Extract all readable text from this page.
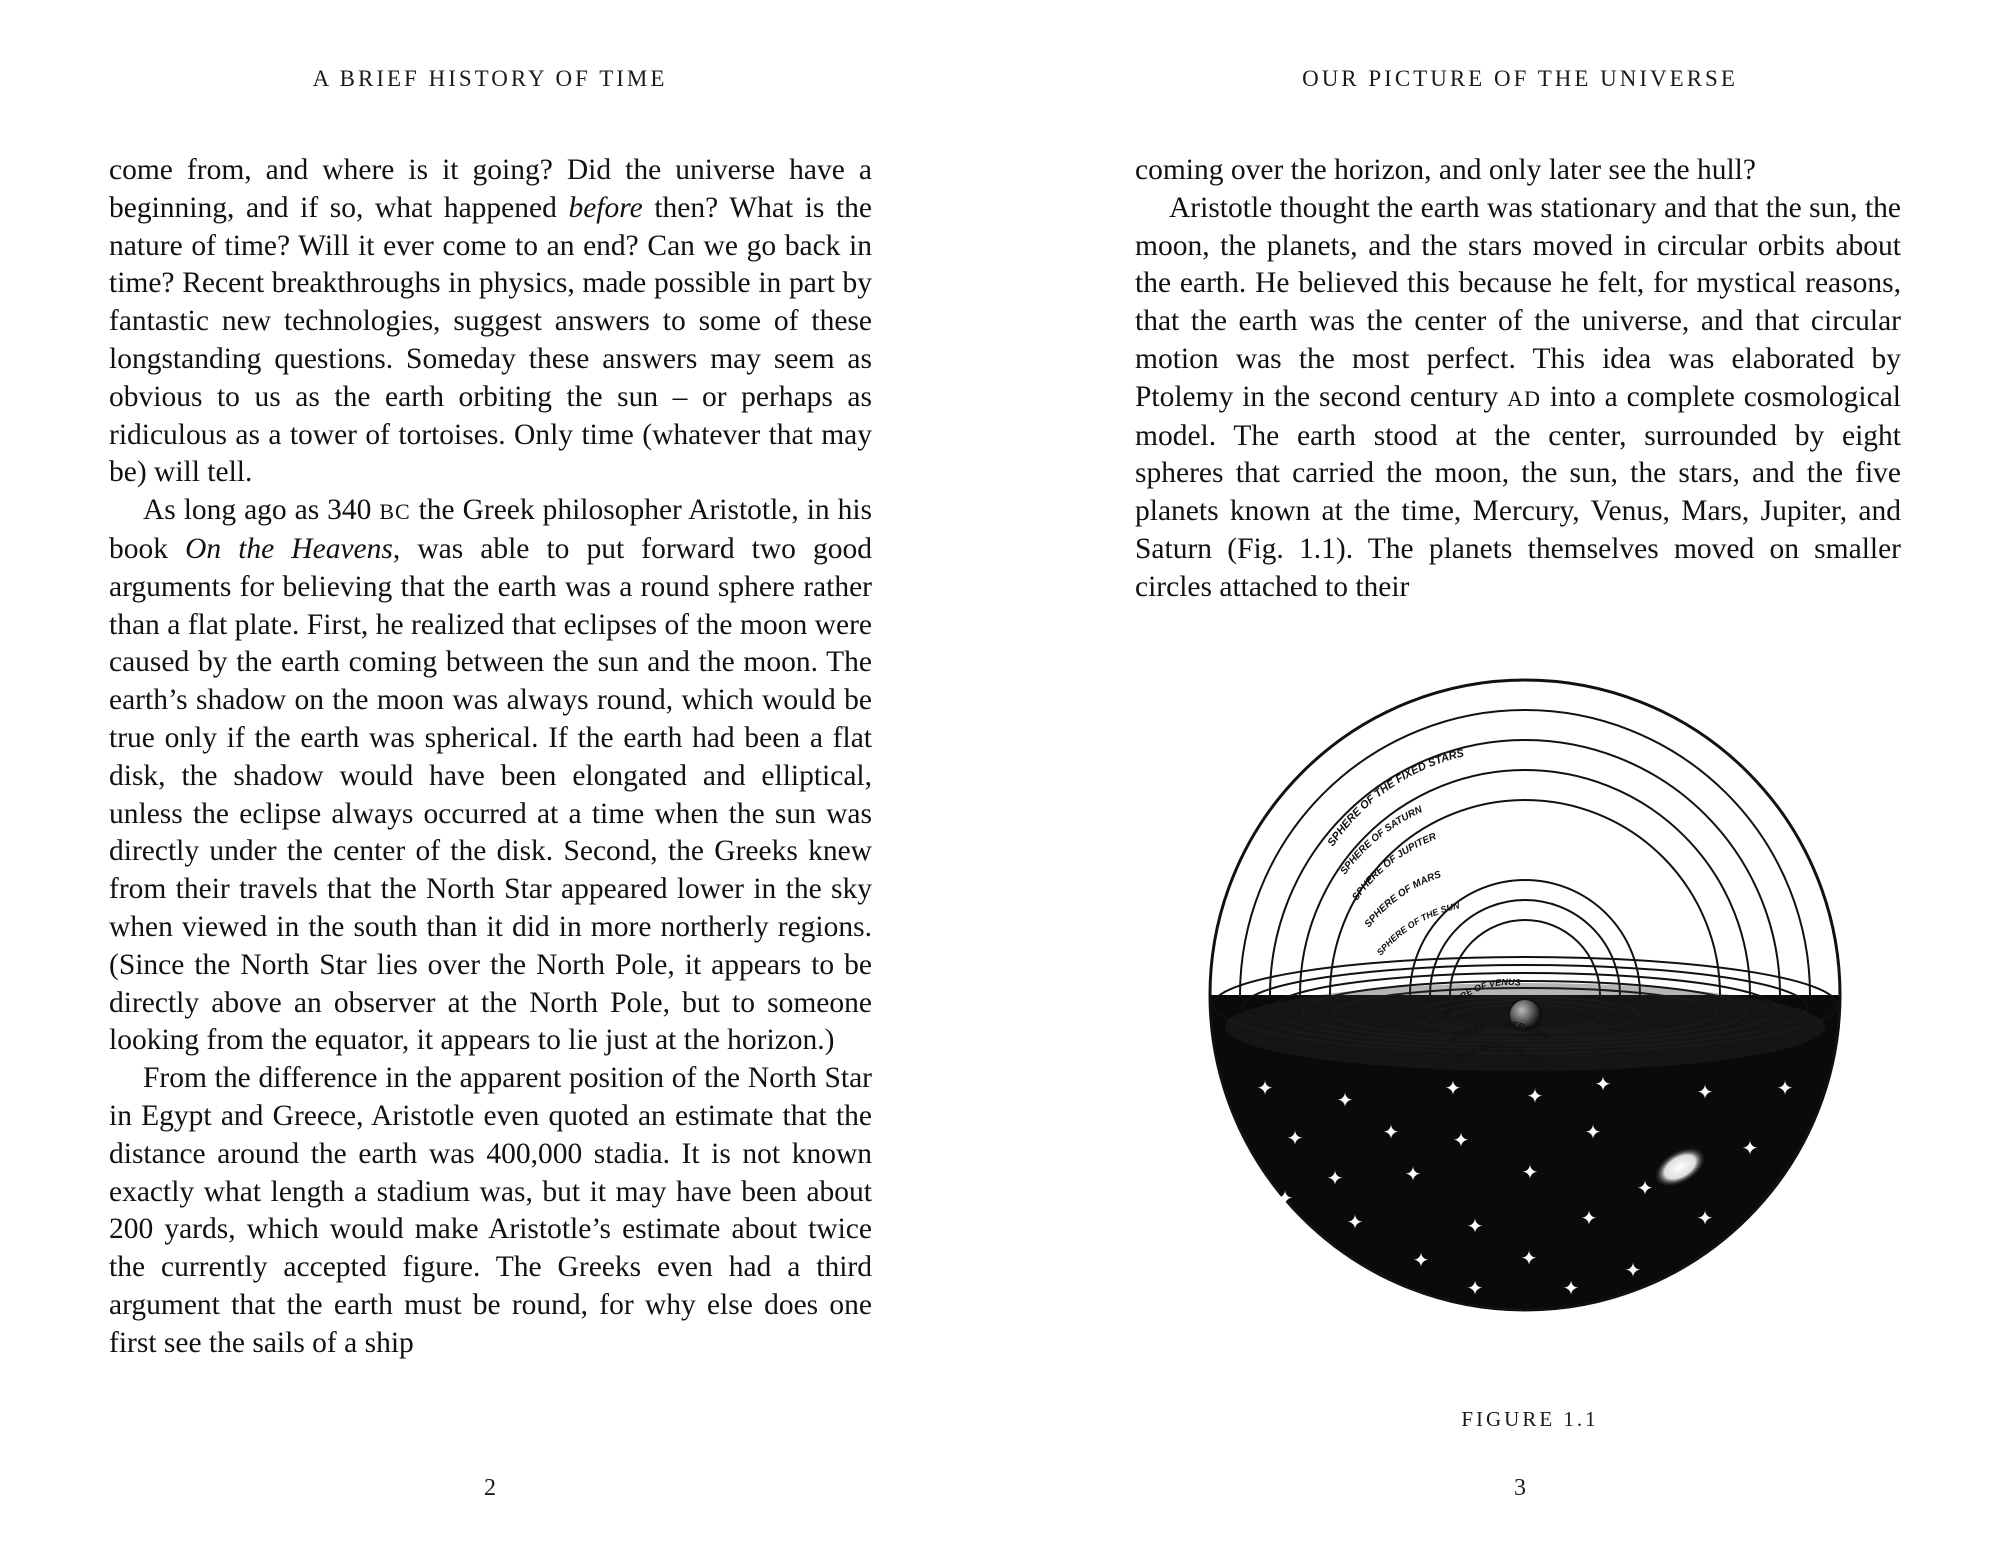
A BRIEF HISTORY OF TIME	OUR PICTURE OF THE UNIVERSE

come from, and where is it going? Did the universe have a beginning, and if so, what happened before then? What is the nature of time? Will it ever come to an end? Can we go back in time? Recent breakthroughs in physics, made possible in part by fantastic new technologies, suggest answers to some of these longstanding questions. Someday these answers may seem as obvious to us as the earth orbiting the sun – or perhaps as ridiculous as a tower of tortoises. Only time (whatever that may be) will tell.

As long ago as 340 BC the Greek philosopher Aristotle, in his book On the Heavens, was able to put forward two good arguments for believing that the earth was a round sphere rather than a flat plate. First, he realized that eclipses of the moon were caused by the earth coming between the sun and the moon. The earth’s shadow on the moon was always round, which would be true only if the earth was spherical. If the earth had been a flat disk, the shadow would have been elongated and elliptical, unless the eclipse always occurred at a time when the sun was directly under the center of the disk. Second, the Greeks knew from their travels that the North Star appeared lower in the sky when viewed in the south than it did in more northerly regions. (Since the North Star lies over the North Pole, it appears to be directly above an observer at the North Pole, but to someone looking from the equator, it appears to lie just at the horizon.)

From the difference in the apparent position of the North Star in Egypt and Greece, Aristotle even quoted an estimate that the distance around the earth was 400,000 stadia. It is not known exactly what length a stadium was, but it may have been about 200 yards, which would make Aristotle’s estimate about twice the currently accepted figure. The Greeks even had a third argument that the earth must be round, for why else does one first see the sails of a ship

coming over the horizon, and only later see the hull?

Aristotle thought the earth was stationary and that the sun, the moon, the planets, and the stars moved in circular orbits about the earth. He believed this because he felt, for mystical reasons, that the earth was the center of the universe, and that circular motion was the most perfect. This idea was elaborated by Ptolemy in the second century AD into a complete cosmological model. The earth stood at the center, surrounded by eight spheres that carried the moon, the sun, the stars, and the five planets known at the time, Mercury, Venus, Mars, Jupiter, and Saturn (Fig. 1.1). The planets themselves moved on smaller circles attached to their

✦	✦	✦	✦	✦	✦	✦
✦	✦	✦	✦
✦
✦	✦	✦
✦
✦
✦
✦	✦	✦	✦
✦	✦	✦
✦
✦
✦	✦
SPHERE OF THE FIXED STARS
SPHERE OF SATURN
SPHERE OF JUPITER
SPHERE OF MARS
SPHERE OF THE SUN
SPHERE OF VENUS
SPHERE OF MERCURY
SPHERE OF THE MOON
FIGURE 1.1
2	3
